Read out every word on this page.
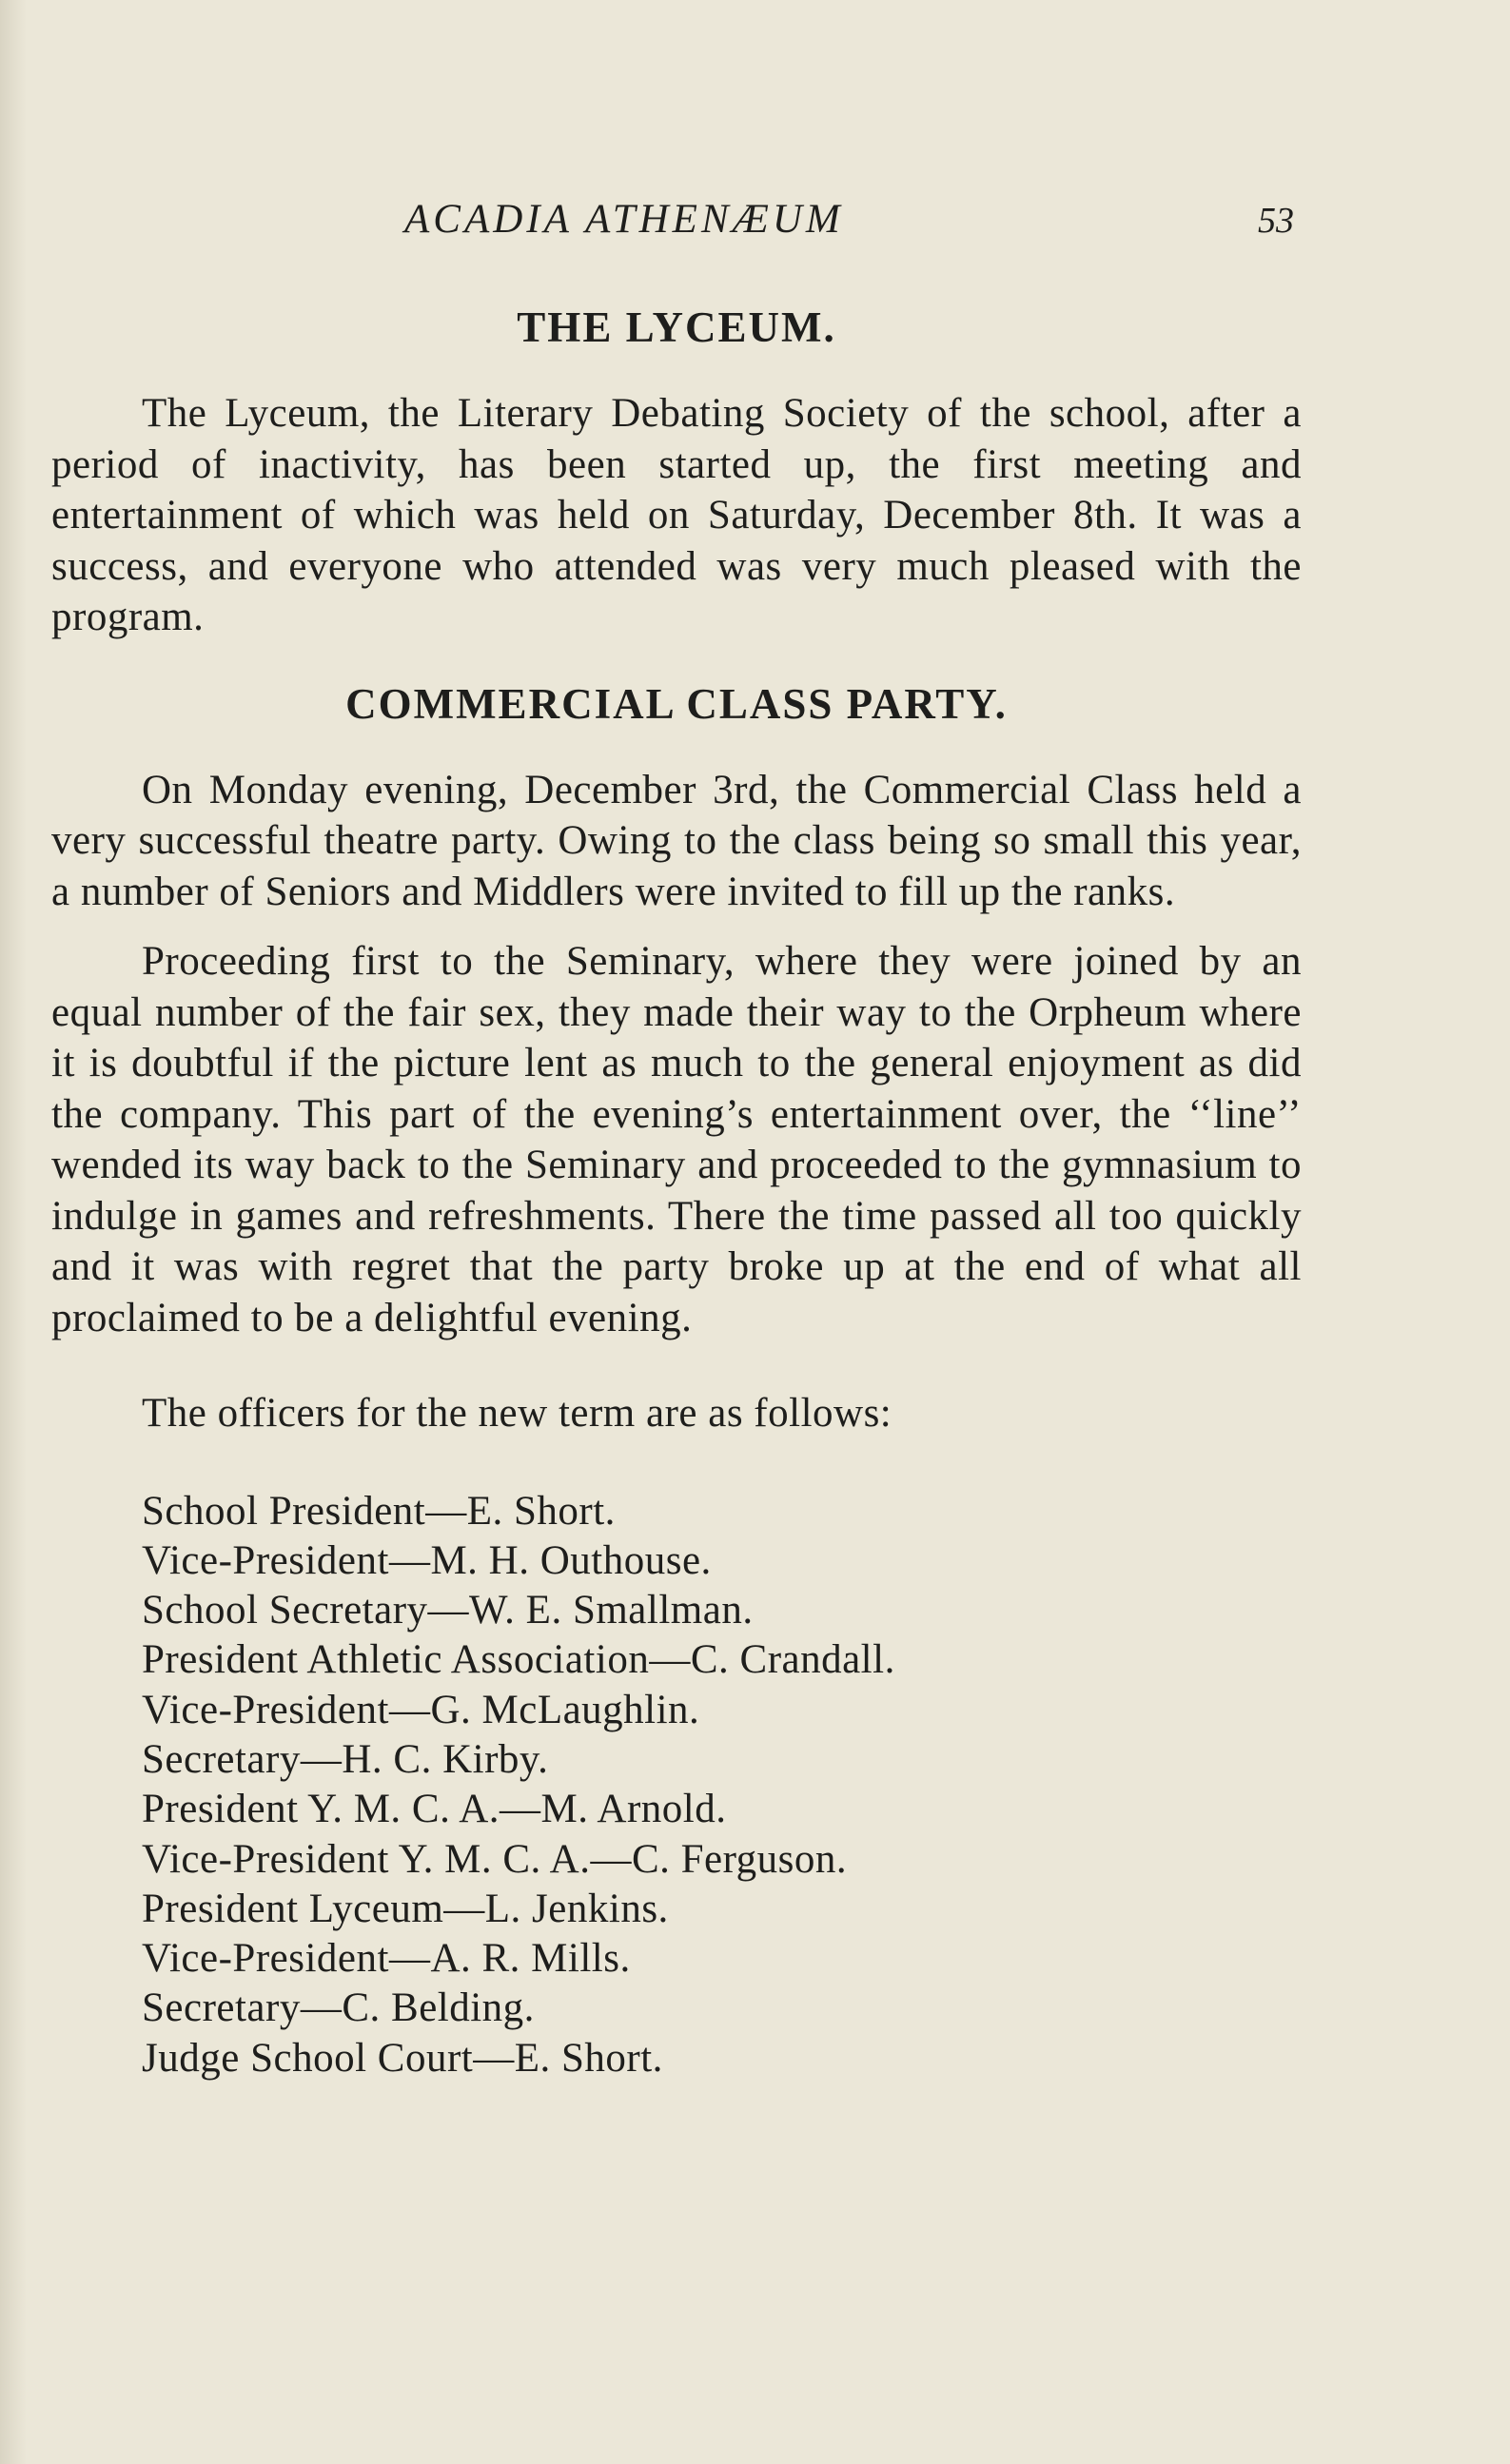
ACADIA ATHENÆUM	53
THE LYCEUM.

The Lyceum, the Literary Debating Society of the school, after a period of inactivity, has been started up, the first meeting and entertainment of which was held on Saturday, December 8th. It was a success, and everyone who attended was very much pleased with the program.

COMMERCIAL CLASS PARTY.

On Monday evening, December 3rd, the Commercial Class held a very successful theatre party. Owing to the class being so small this year, a number of Seniors and Middlers were invited to fill up the ranks.

Proceeding first to the Seminary, where they were joined by an equal number of the fair sex, they made their way to the Orpheum where it is doubtful if the picture lent as much to the general enjoyment as did the company. This part of the evening’s entertainment over, the ‘‘line’’ wended its way back to the Seminary and proceeded to the gymnasium to indulge in games and refreshments. There the time passed all too quickly and it was with regret that the party broke up at the end of what all proclaimed to be a delightful evening.

The officers for the new term are as follows:

School President—E. Short.
Vice-President—M. H. Outhouse.
School Secretary—W. E. Smallman.
President Athletic Association—C. Crandall.
Vice-President—G. McLaughlin.
Secretary—H. C. Kirby.
President Y. M. C. A.—M. Arnold.
Vice-President Y. M. C. A.—C. Ferguson.
President Lyceum—L. Jenkins.
Vice-President—A. R. Mills.
Secretary—C. Belding.
Judge School Court—E. Short.
